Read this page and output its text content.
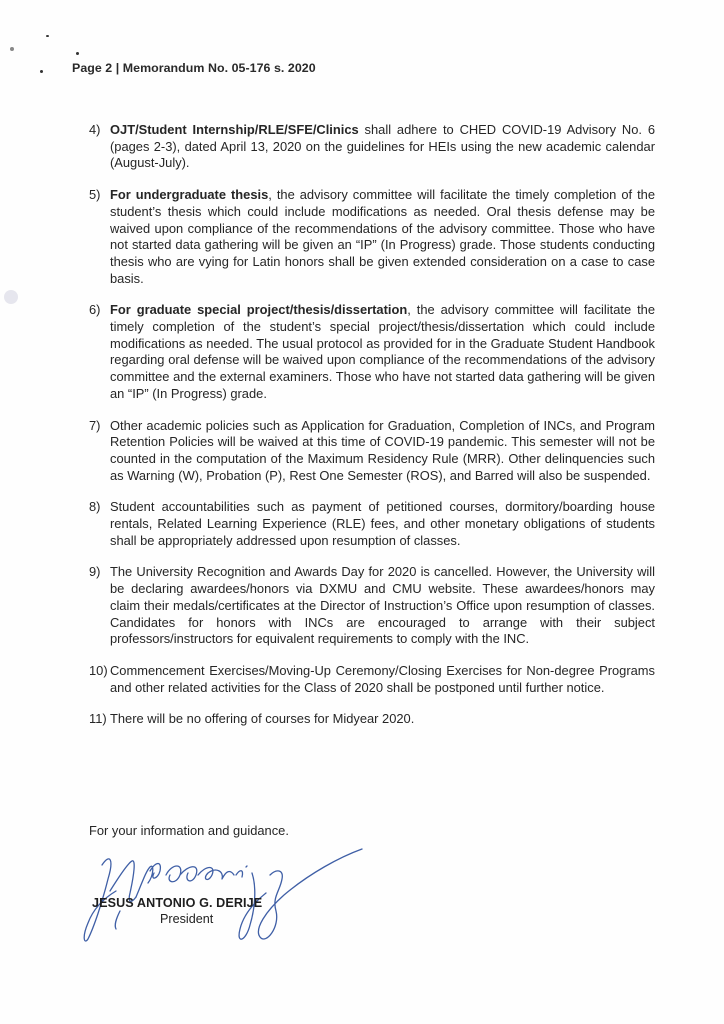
Page 2 | Memorandum No. 05-176 s. 2020
4) OJT/Student Internship/RLE/SFE/Clinics shall adhere to CHED COVID-19 Advisory No. 6 (pages 2-3), dated April 13, 2020 on the guidelines for HEIs using the new academic calendar (August-July).
5) For undergraduate thesis, the advisory committee will facilitate the timely completion of the student’s thesis which could include modifications as needed. Oral thesis defense may be waived upon compliance of the recommendations of the advisory committee. Those who have not started data gathering will be given an “IP” (In Progress) grade. Those students conducting thesis who are vying for Latin honors shall be given extended consideration on a case to case basis.
6) For graduate special project/thesis/dissertation, the advisory committee will facilitate the timely completion of the student’s special project/thesis/dissertation which could include modifications as needed. The usual protocol as provided for in the Graduate Student Handbook regarding oral defense will be waived upon compliance of the recommendations of the advisory committee and the external examiners. Those who have not started data gathering will be given an “IP” (In Progress) grade.
7) Other academic policies such as Application for Graduation, Completion of INCs, and Program Retention Policies will be waived at this time of COVID-19 pandemic. This semester will not be counted in the computation of the Maximum Residency Rule (MRR). Other delinquencies such as Warning (W), Probation (P), Rest One Semester (ROS), and Barred will also be suspended.
8) Student accountabilities such as payment of petitioned courses, dormitory/boarding house rentals, Related Learning Experience (RLE) fees, and other monetary obligations of students shall be appropriately addressed upon resumption of classes.
9) The University Recognition and Awards Day for 2020 is cancelled. However, the University will be declaring awardees/honors via DXMU and CMU website. These awardees/honors may claim their medals/certificates at the Director of Instruction’s Office upon resumption of classes. Candidates for honors with INCs are encouraged to arrange with their subject professors/instructors for equivalent requirements to comply with the INC.
10) Commencement Exercises/Moving-Up Ceremony/Closing Exercises for Non-degree Programs and other related activities for the Class of 2020 shall be postponed until further notice.
11) There will be no offering of courses for Midyear 2020.
For your information and guidance.
JESUS ANTONIO G. DERIJE
President
